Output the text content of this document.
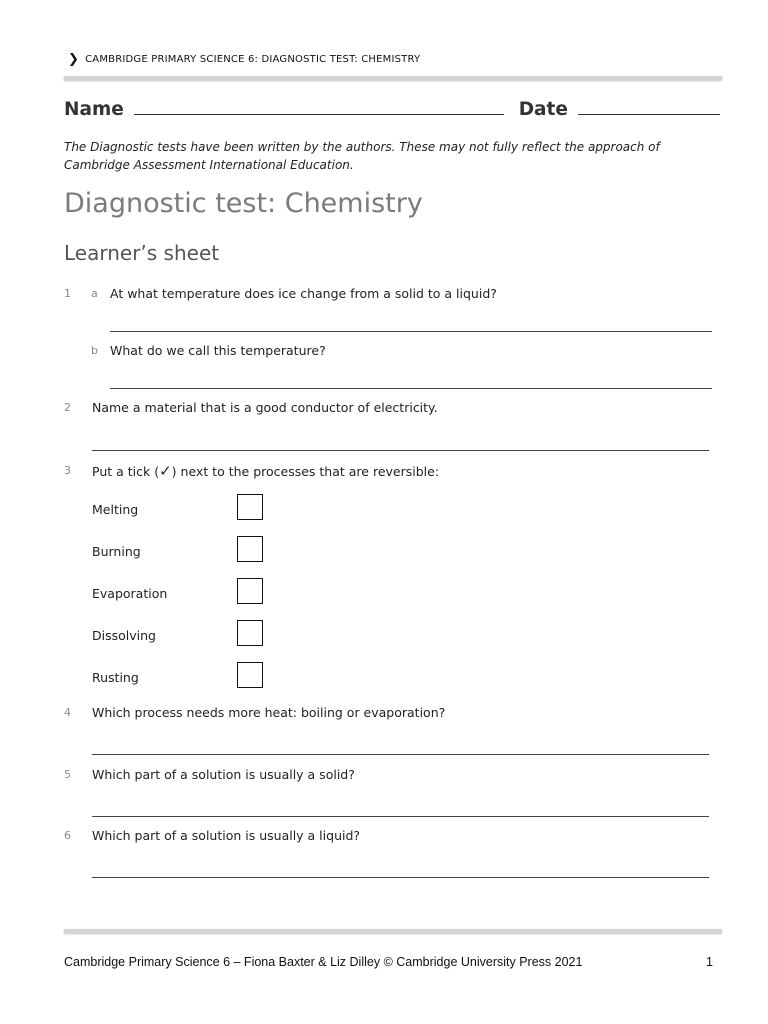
❯ CAMBRIDGE PRIMARY SCIENCE 6: DIAGNOSTIC TEST: CHEMISTRY
Name	Date
The Diagnostic tests have been written by the authors. These may not fully reflect the approach of Cambridge Assessment International Education.
Diagnostic test: Chemistry
Learner’s sheet
1 a At what temperature does ice change from a solid to a liquid?
b What do we call this temperature?
2 Name a material that is a good conductor of electricity.
3 Put a tick (✓) next to the processes that are reversible:
Melting
Burning
Evaporation
Dissolving
Rusting
4 Which process needs more heat: boiling or evaporation?
5 Which part of a solution is usually a solid?
6 Which part of a solution is usually a liquid?
Cambridge Primary Science 6 – Fiona Baxter & Liz Dilley © Cambridge University Press 2021	1
